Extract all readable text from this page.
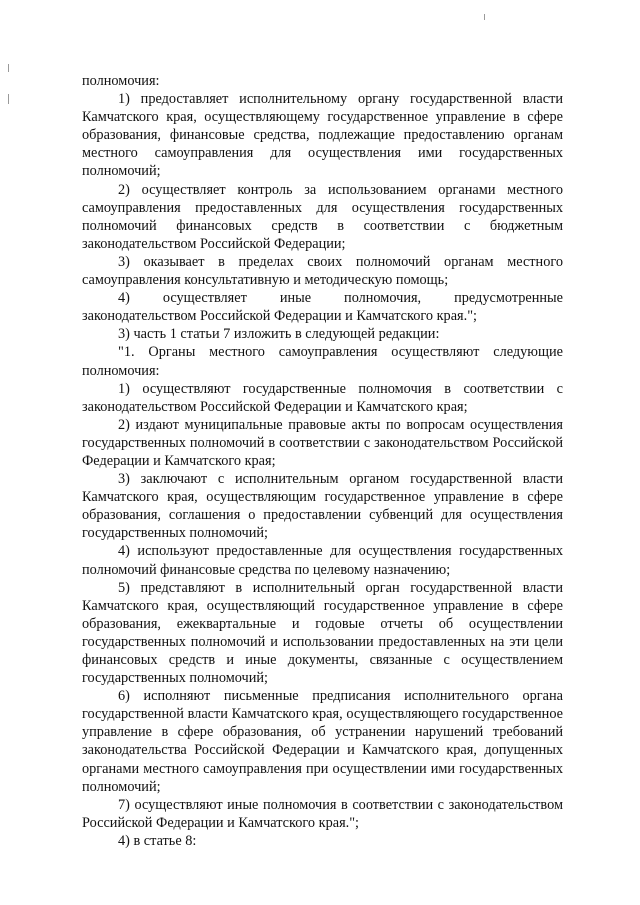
полномочия:

1) предоставляет исполнительному органу государственной власти Камчатского края, осуществляющему государственное управление в сфере образования, финансовые средства, подлежащие предоставлению органам местного самоуправления для осуществления ими государственных полномочий;

2) осуществляет контроль за использованием органами местного самоуправления предоставленных для осуществления государственных полномочий финансовых средств в соответствии с бюджетным законодательством Российской Федерации;

3) оказывает в пределах своих полномочий органам местного самоуправления консультативную и методическую помощь;

4) осуществляет иные полномочия, предусмотренные законодательством Российской Федерации и Камчатского края.";

3) часть 1 статьи 7 изложить в следующей редакции:

"1. Органы местного самоуправления осуществляют следующие полномочия:

1) осуществляют государственные полномочия в соответствии с законодательством Российской Федерации и Камчатского края;

2) издают муниципальные правовые акты по вопросам осуществления государственных полномочий в соответствии с законодательством Российской Федерации и Камчатского края;

3) заключают с исполнительным органом государственной власти Камчатского края, осуществляющим государственное управление в сфере образования, соглашения о предоставлении субвенций для осуществления государственных полномочий;

4) используют предоставленные для осуществления государственных полномочий финансовые средства по целевому назначению;

5) представляют в исполнительный орган государственной власти Камчатского края, осуществляющий государственное управление в сфере образования, ежеквартальные и годовые отчеты об осуществлении государственных полномочий и использовании предоставленных на эти цели финансовых средств и иные документы, связанные с осуществлением государственных полномочий;

6) исполняют письменные предписания исполнительного органа государственной власти Камчатского края, осуществляющего государственное управление в сфере образования, об устранении нарушений требований законодательства Российской Федерации и Камчатского края, допущенных органами местного самоуправления при осуществлении ими государственных полномочий;

7) осуществляют иные полномочия в соответствии с законодательством Российской Федерации и Камчатского края.";

4) в статье 8:
